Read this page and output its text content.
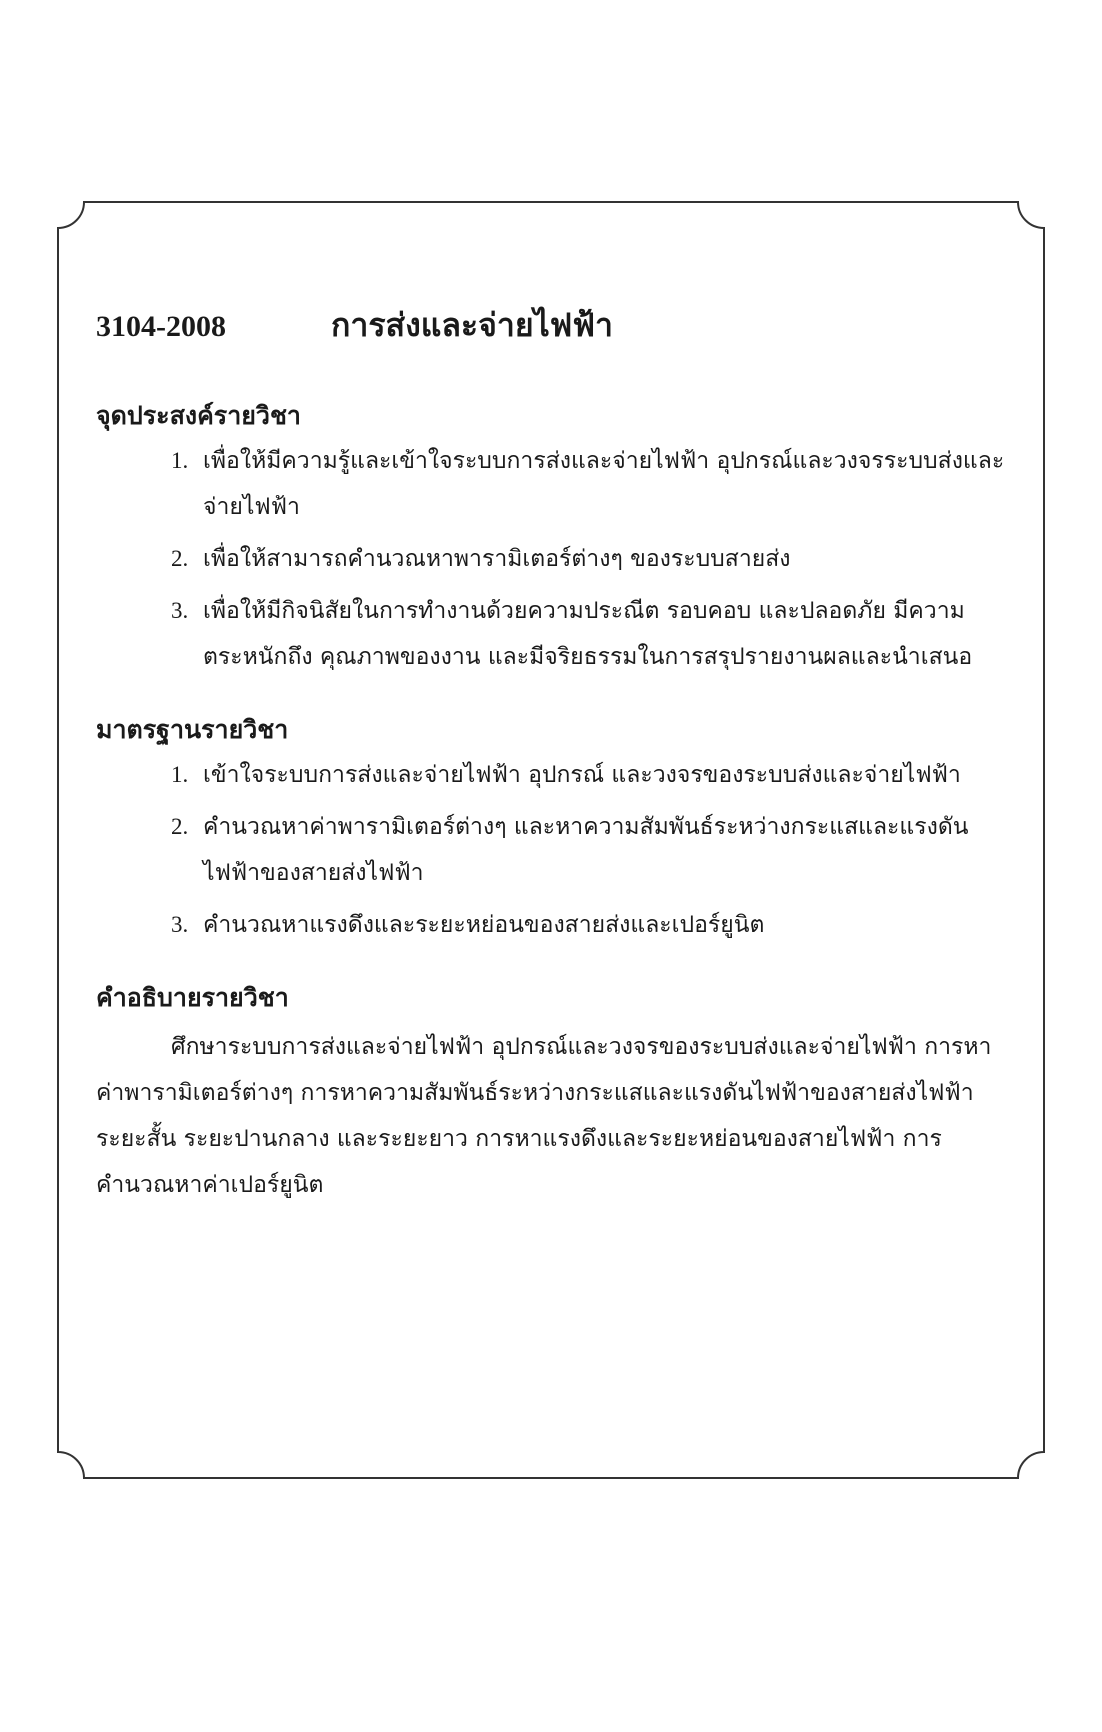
3104-2008	การส่งและจ่ายไฟฟ้า
จุดประสงค์รายวิชา
1. เพื่อให้มีความรู้และเข้าใจระบบการส่งและจ่ายไฟฟ้า อุปกรณ์และวงจรระบบส่งและจ่ายไฟฟ้า
2. เพื่อให้สามารถคำนวณหาพารามิเตอร์ต่างๆ ของระบบสายส่ง
3. เพื่อให้มีกิจนิสัยในการทำงานด้วยความประณีต รอบคอบ และปลอดภัย มีความตระหนักถึง คุณภาพของงาน และมีจริยธรรมในการสรุปรายงานผลและนำเสนอ
มาตรฐานรายวิชา
1. เข้าใจระบบการส่งและจ่ายไฟฟ้า อุปกรณ์ และวงจรของระบบส่งและจ่ายไฟฟ้า
2. คำนวณหาค่าพารามิเตอร์ต่างๆ และหาความสัมพันธ์ระหว่างกระแสและแรงดันไฟฟ้าของสายส่งไฟฟ้า
3. คำนวณหาแรงดึงและระยะหย่อนของสายส่งและเปอร์ยูนิต
คำอธิบายรายวิชา

ศึกษาระบบการส่งและจ่ายไฟฟ้า อุปกรณ์และวงจรของระบบส่งและจ่ายไฟฟ้า การหาค่าพารามิเตอร์ต่างๆ การหาความสัมพันธ์ระหว่างกระแสและแรงดันไฟฟ้าของสายส่งไฟฟ้าระยะสั้น ระยะปานกลาง และระยะยาว การหาแรงดึงและระยะหย่อนของสายไฟฟ้า การคำนวณหาค่าเปอร์ยูนิต
